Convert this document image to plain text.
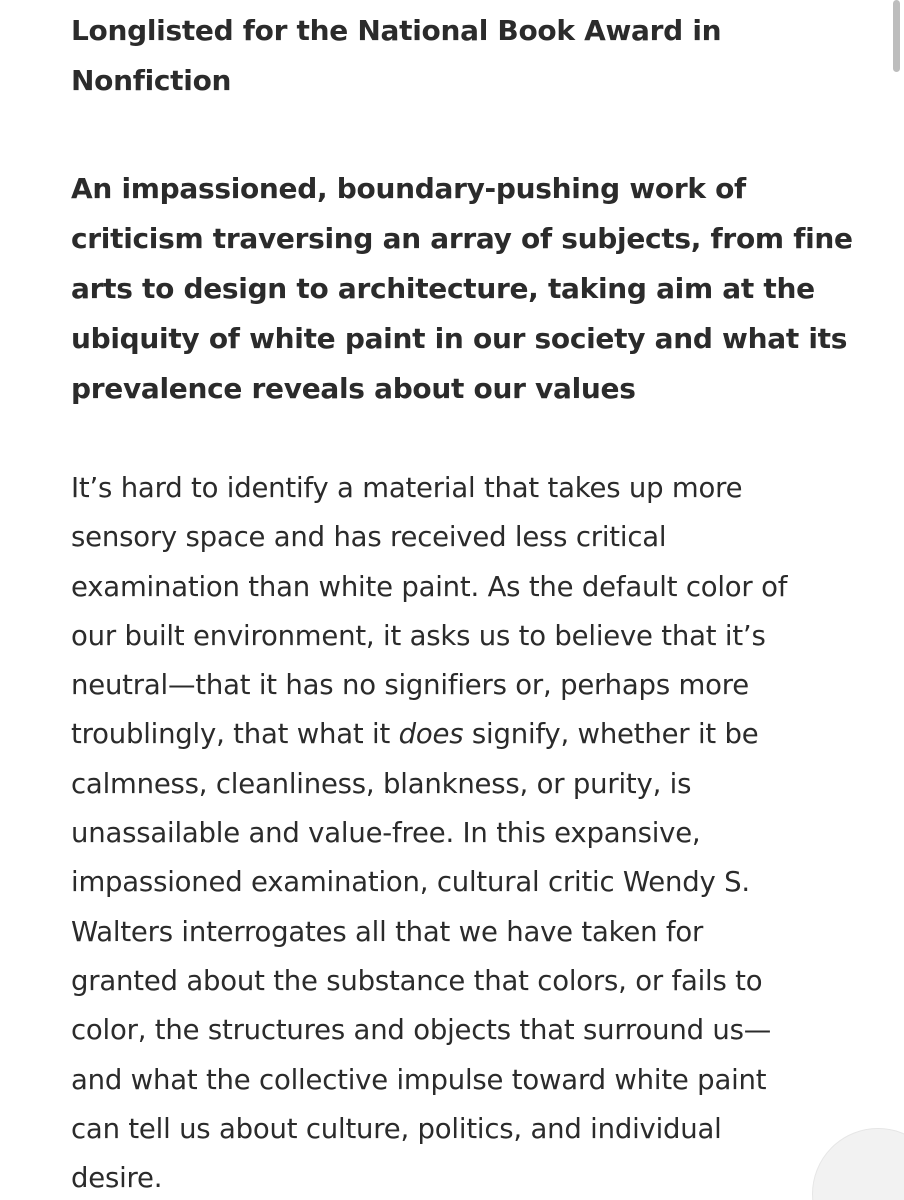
Longlisted for the National Book Award in
Nonfiction

An impassioned, boundary-pushing work of
criticism traversing an array of subjects, from fine
arts to design to architecture, taking aim at the
ubiquity of white paint in our society and what its
prevalence reveals about our values

It’s hard to identify a material that takes up more
sensory space and has received less critical
examination than white paint. As the default color of
our built environment, it asks us to believe that it’s
neutral—that it has no signifiers or, perhaps more
troublingly, that what it does signify, whether it be
calmness, cleanliness, blankness, or purity, is
unassailable and value-free. In this expansive,
impassioned examination, cultural critic Wendy S.
Walters interrogates all that we have taken for
granted about the substance that colors, or fails to
color, the structures and objects that surround us—
and what the collective impulse toward white paint
can tell us about culture, politics, and individual
desire.
